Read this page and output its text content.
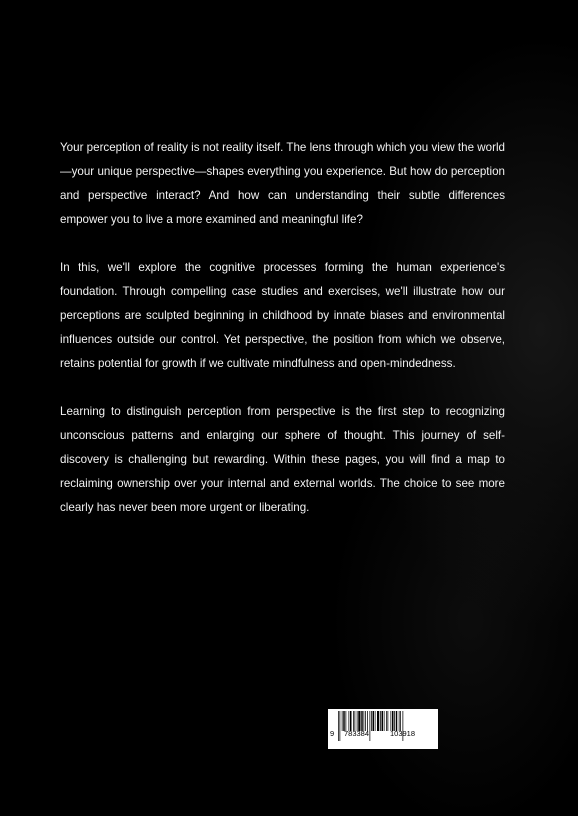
Your perception of reality is not reality itself. The lens through which you view the world—your unique perspective—shapes everything you experience. But how do perception and perspective interact? And how can understanding their subtle differences empower you to live a more examined and meaningful life?

In this, we'll explore the cognitive processes forming the human experience's foundation. Through compelling case studies and exercises, we'll illustrate how our perceptions are sculpted beginning in childhood by innate biases and environmental influences outside our control. Yet perspective, the position from which we observe, retains potential for growth if we cultivate mindfulness and open-mindedness.

Learning to distinguish perception from perspective is the first step to recognizing unconscious patterns and enlarging our sphere of thought. This journey of self-discovery is challenging but rewarding. Within these pages, you will find a map to reclaiming ownership over your internal and external worlds. The choice to see more clearly has never been more urgent or liberating.

9 783384	103918
